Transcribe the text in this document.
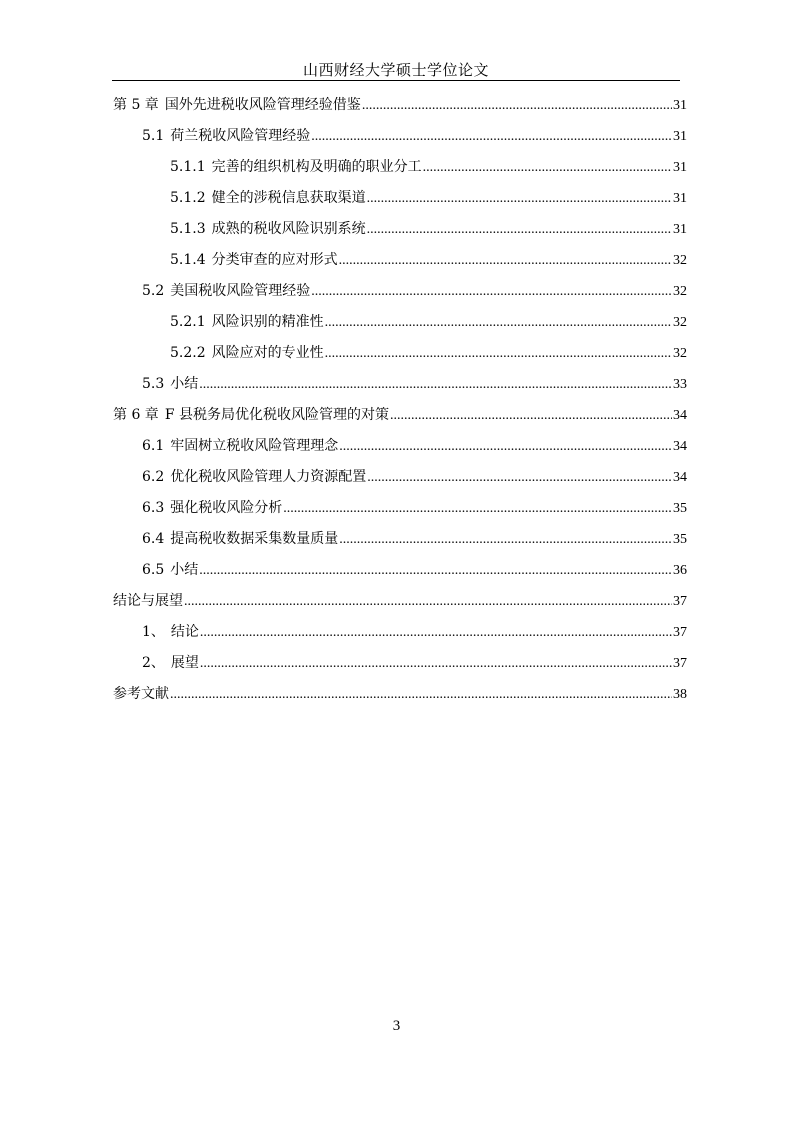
山西财经大学硕士学位论文
第 5 章 国外先进税收风险管理经验借鉴 .....	31
5.1 荷兰税收风险管理经验 .....	31
5.1.1 完善的组织机构及明确的职业分工 .....	31
5.1.2 健全的涉税信息获取渠道 .....	31
5.1.3 成熟的税收风险识别系统 .....	31
5.1.4 分类审查的应对形式 .....	32
5.2 美国税收风险管理经验 .....	32
5.2.1 风险识别的精准性 .....	32
5.2.2 风险应对的专业性 .....	32
5.3 小结 .....	33
第 6 章 F 县税务局优化税收风险管理的对策 .....	34
6.1 牢固树立税收风险管理理念 .....	34
6.2 优化税收风险管理人力资源配置 .....	34
6.3 强化税收风险分析 .....	35
6.4 提高税收数据采集数量质量 .....	35
6.5 小结 .....	36
结论与展望 .....	37
1、 结论 .....	37
2、 展望 .....	37
参考文献 .....	38
3
